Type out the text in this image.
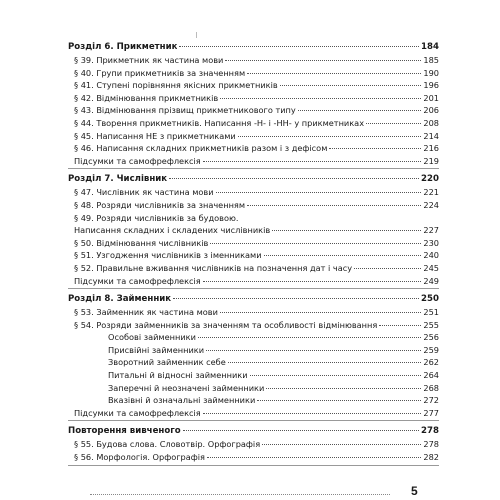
Розділ 6. Прикметник	184
§ 39. Прикметник як частина мови	185
§ 40. Групи прикметників за значенням	190
§ 41. Ступені порівняння якісних прикметників	196
§ 42. Відмінювання прикметників	201
§ 43. Відмінювання прізвищ прикметникового типу	206
§ 44. Творення прикметників. Написання -Н- і -НН- у прикметниках	208
§ 45. Написання НЕ з прикметниками	214
§ 46. Написання складних прикметників разом і з дефісом	216
Підсумки та самофрефлексія	219
Розділ 7. Числівник	220
§ 47. Числівник як частина мови	221
§ 48. Розряди числівників за значенням	224
§ 49. Розряди числівників за будовою.
Написання складних і складених числівників	227
§ 50. Відмінювання числівників	230
§ 51. Узгодження числівників з іменниками	240
§ 52. Правильне вживання числівників на позначення дат і часу	245
Підсумки та самофрефлексія	249
Розділ 8. Займенник	250
§ 53. Займенник як частина мови	251
§ 54. Розряди займенників за значенням та особливості відмінювання	255
Особові займенники	256
Присвійні займенники	259
Зворотний займенник себе	262
Питальні й відносні займенники	264
Заперечні й неозначені займенники	268
Вказівні й означальні займенники	272
Підсумки та самофрефлексія	277
Повторення вивченого	278
§ 55. Будова слова. Словотвір. Орфографія	278
§ 56. Морфологія. Орфографія	282
5
